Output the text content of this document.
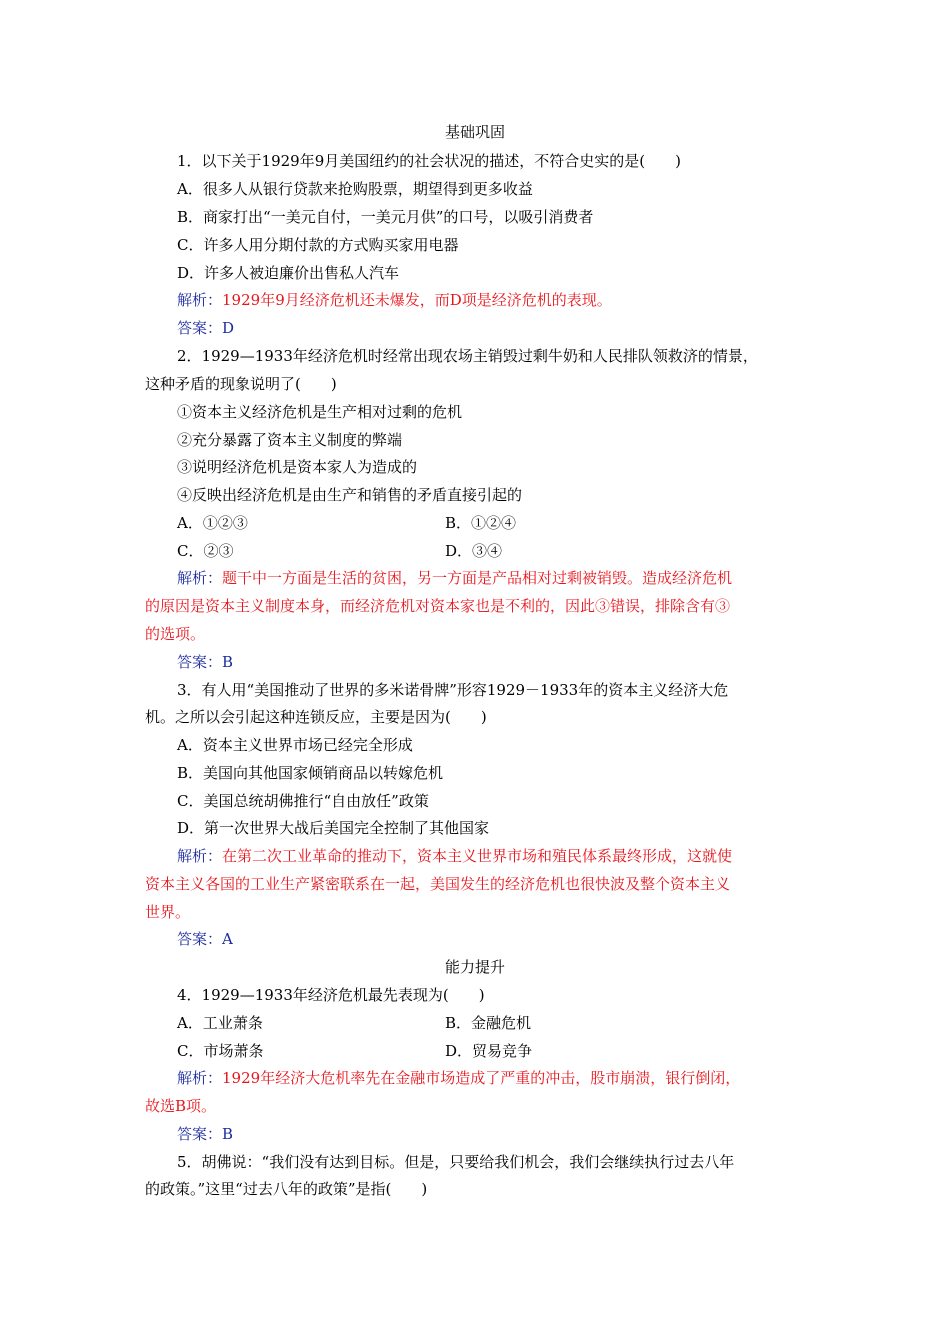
基础巩固
1．以下关于1929年9月美国纽约的社会状况的描述，不符合史实的是(　　)
A．很多人从银行贷款来抢购股票，期望得到更多收益
B．商家打出“一美元自付，一美元月供”的口号，以吸引消费者
C．许多人用分期付款的方式购买家用电器
D．许多人被迫廉价出售私人汽车
解析：1929年9月经济危机还未爆发，而D项是经济危机的表现。
答案：D
2．1929—1933年经济危机时经常出现农场主销毁过剩牛奶和人民排队领救济的情景，
这种矛盾的现象说明了(　　)
①资本主义经济危机是生产相对过剩的危机
②充分暴露了资本主义制度的弊端
③说明经济危机是资本家人为造成的
④反映出经济危机是由生产和销售的矛盾直接引起的
A．①②③	B．①②④
C．②③	D．③④
解析：题干中一方面是生活的贫困，另一方面是产品相对过剩被销毁。造成经济危机
的原因是资本主义制度本身，而经济危机对资本家也是不利的，因此③错误，排除含有③
的选项。
答案：B
3．有人用“美国推动了世界的多米诺骨牌”形容1929－1933年的资本主义经济大危
机。之所以会引起这种连锁反应，主要是因为(　　)
A．资本主义世界市场已经完全形成
B．美国向其他国家倾销商品以转嫁危机
C．美国总统胡佛推行“自由放任”政策
D．第一次世界大战后美国完全控制了其他国家
解析：在第二次工业革命的推动下，资本主义世界市场和殖民体系最终形成，这就使
资本主义各国的工业生产紧密联系在一起，美国发生的经济危机也很快波及整个资本主义
世界。
答案：A
能力提升
4．1929—1933年经济危机最先表现为(　　)
A．工业萧条	B．金融危机
C．市场萧条	D．贸易竞争
解析：1929年经济大危机率先在金融市场造成了严重的冲击，股市崩溃，银行倒闭，
故选B项。
答案：B
5．胡佛说：“我们没有达到目标。但是，只要给我们机会，我们会继续执行过去八年
的政策。”这里“过去八年的政策”是指(　　)
